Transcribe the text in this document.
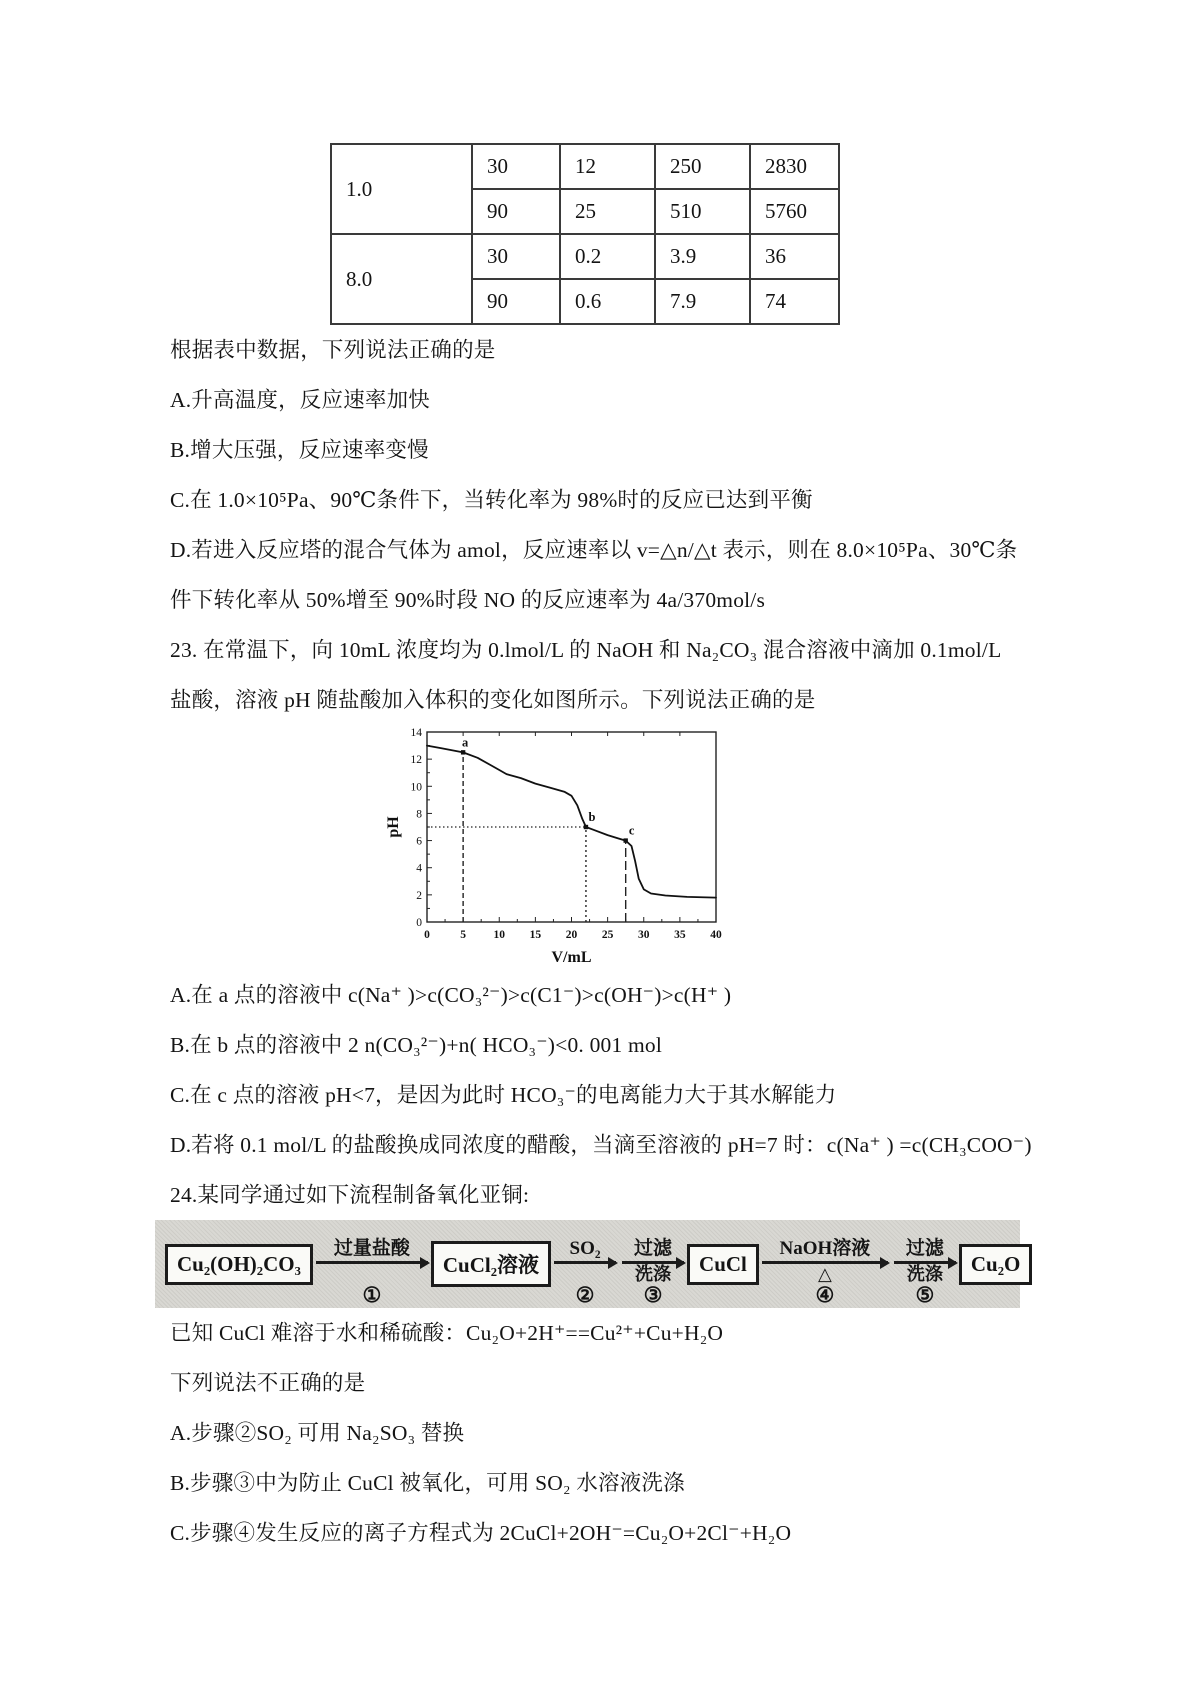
1.0	30	12	250	2830
	90	25	510	5760
8.0	30	0.2	3.9	36
	90	0.6	7.9	74
根据表中数据，下列说法正确的是
A.升高温度，反应速率加快
B.增大压强，反应速率变慢
C.在 1.0×10⁵Pa、90℃条件下，当转化率为 98%时的反应已达到平衡
D.若进入反应塔的混合气体为 amol，反应速率以 v=△n/△t 表示，则在 8.0×10⁵Pa、30℃条
件下转化率从 50%增至 90%时段 NO 的反应速率为 4a/370mol/s
23. 在常温下，向 10mL 浓度均为 0.lmol/L 的 NaOH 和 Na₂CO₃ 混合溶液中滴加 0.1mol/L
盐酸，溶液 pH 随盐酸加入体积的变化如图所示。下列说法正确的是
0	5 10 15 20 25 30 35 40
0
2
4
6
8
10
12
14
a
b
c
pH
V/mL
A.在 a 点的溶液中 c(Na⁺ )>c(CO₃²⁻)>c(C1⁻)>c(OH⁻)>c(H⁺ )
B.在 b 点的溶液中 2 n(CO₃²⁻)+n( HCO₃⁻)<0. 001 mol
C.在 c 点的溶液 pH<7，是因为此时 HCO₃⁻的电离能力大于其水解能力
D.若将 0.1 mol/L 的盐酸换成同浓度的醋酸，当滴至溶液的 pH=7 时：c(Na⁺ ) =c(CH₃COO⁻)
24.某同学通过如下流程制备氧化亚铜:
Cu₂(OH)₂CO₃
过量盐酸
①
CuCl₂溶液
SO₂
②
过滤
洗涤
③
CuCl
NaOH溶液
△
④
过滤
洗涤
⑤
Cu₂O
已知 CuCl 难溶于水和稀硫酸：Cu₂O+2H⁺==Cu²⁺+Cu+H₂O
下列说法不正确的是
A.步骤②SO₂ 可用 Na₂SO₃ 替换
B.步骤③中为防止 CuCl 被氧化，可用 SO₂ 水溶液洗涤
C.步骤④发生反应的离子方程式为 2CuCl+2OH⁻=Cu₂O+2Cl⁻+H₂O
